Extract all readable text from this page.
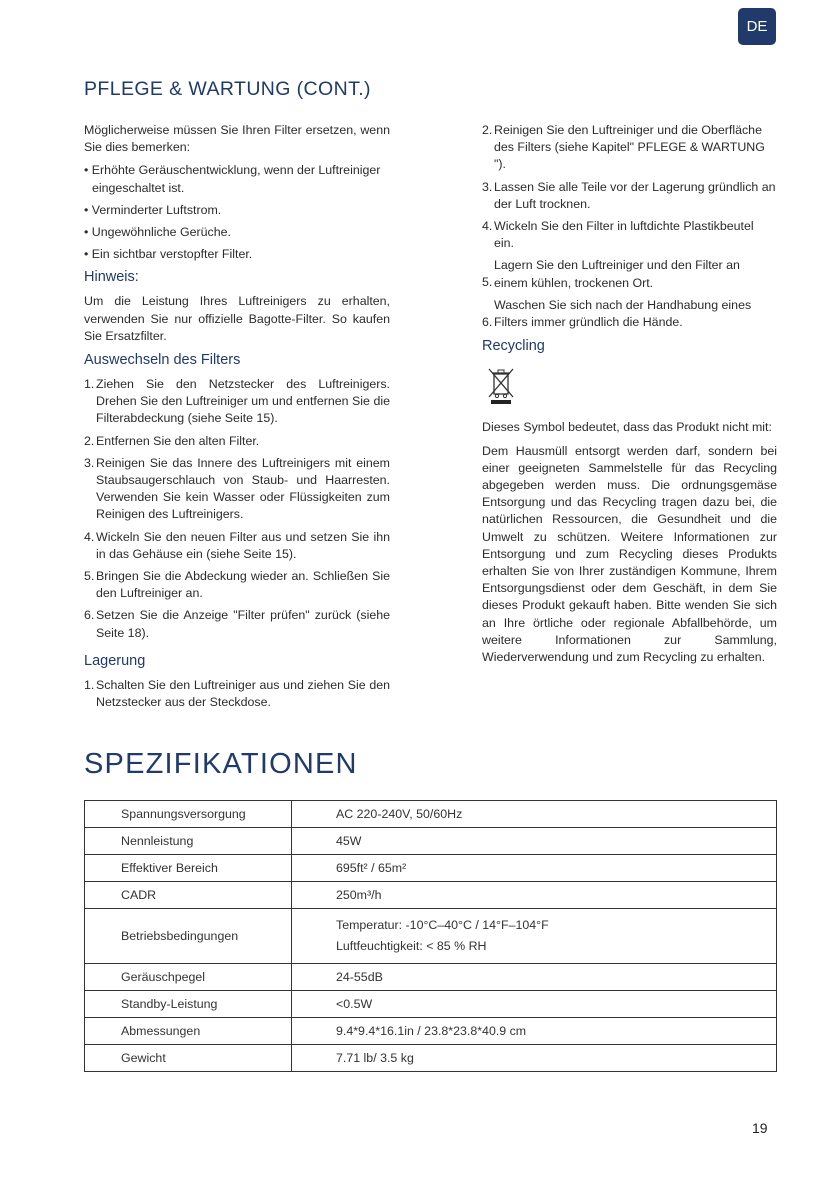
DE
PFLEGE & WARTUNG (CONT.)

Möglicherweise müssen Sie Ihren Filter ersetzen, wenn Sie dies bemerken:

• Erhöhte Geräuschentwicklung, wenn der Luftreiniger eingeschaltet ist.

• Verminderter Luftstrom.

• Ungewöhnliche Gerüche.

• Ein sichtbar verstopfter Filter.

Hinweis:

Um die Leistung Ihres Luftreinigers zu erhalten, verwenden Sie nur offizielle Bagotte-Filter. So kaufen Sie Ersatzfilter.

Auswechseln des Filters
1. Ziehen Sie den Netzstecker des Luftreinigers. Drehen Sie den Luftreiniger um und entfernen Sie die Filterabdeckung (siehe Seite 15).
2. Entfernen Sie den alten Filter.
3. Reinigen Sie das Innere des Luftreinigers mit einem Staubsaugerschlauch von Staub- und Haarresten. Verwenden Sie kein Wasser oder Flüssigkeiten zum Reinigen des Luftreinigers.
4. Wickeln Sie den neuen Filter aus und setzen Sie ihn in das Gehäuse ein (siehe Seite 15).
5. Bringen Sie die Abdeckung wieder an. Schließen Sie den Luftreiniger an.
6. Setzen Sie die Anzeige "Filter prüfen" zurück (siehe Seite 18).
Lagerung
1. Schalten Sie den Luftreiniger aus und ziehen Sie den Netzstecker aus der Steckdose.
2. Reinigen Sie den Luftreiniger und die Oberfläche des Filters (siehe Kapitel" PFLEGE & WARTUNG ").
3. Lassen Sie alle Teile vor der Lagerung gründlich an der Luft trocknen.
4. Wickeln Sie den Filter in luftdichte Plastikbeutel ein.
Lagern Sie den Luftreiniger und den Filter an
5. einem kühlen, trockenen Ort.
Waschen Sie sich nach der Handhabung eines
6. Filters immer gründlich die Hände.
Recycling

Dieses Symbol bedeutet, dass das Produkt nicht mit:

Dem Hausmüll entsorgt werden darf, sondern bei einer geeigneten Sammelstelle für das Recycling abgegeben werden muss. Die ordnungsgemäse Entsorgung und das Recycling tragen dazu bei, die natürlichen Ressourcen, die Gesundheit und die Umwelt zu schützen. Weitere Informationen zur Entsorgung und zum Recycling dieses Produkts erhalten Sie von Ihrer zuständigen Kommune, Ihrem Entsorgungsdienst oder dem Geschäft, in dem Sie dieses Produkt gekauft haben. Bitte wenden Sie sich an Ihre örtliche oder regionale Abfallbehörde, um weitere Informationen zur Sammlung, Wiederverwendung und zum Recycling zu erhalten.

SPEZIFIKATIONEN
Spannungsversorgung	AC 220-240V, 50/60Hz
Nennleistung	45W
Effektiver Bereich	695ft² / 65m²
CADR	250m³/h
Betriebsbedingungen	Temperatur: -10°C–40°C / 14°F–104°F
Luftfeuchtigkeit: < 85 % RH

Geräuschpegel	24-55dB
Standby-Leistung	<0.5W
Abmessungen	9.4*9.4*16.1in / 23.8*23.8*40.9 cm
Gewicht	7.71 lb/ 3.5 kg
19
